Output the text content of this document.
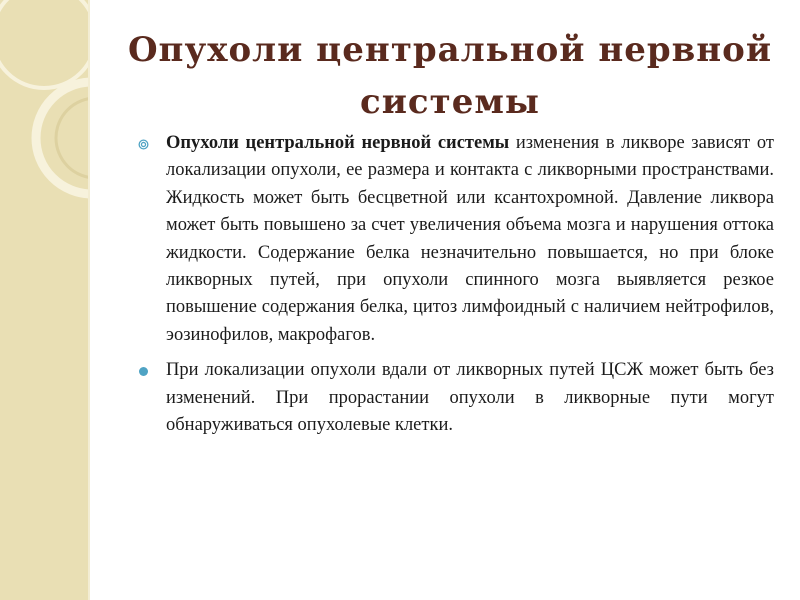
Опухоли центральной нервной системы
Опухоли центральной нервной системы изменения в ликворе зависят от локализации опухоли, ее размера и контакта с ликворными пространствами. Жидкость может быть бесцветной или ксантохромной. Давление ликвора может быть повышено за счет увеличения объема мозга и нарушения оттока жидкости. Содержание белка незначительно повышается, но при блоке ликворных путей, при опухоли спинного мозга выявляется резкое повышение содержания белка, цитоз лимфоидный с наличием нейтрофилов, эозинофилов, макрофагов.
При локализации опухоли вдали от ликворных путей ЦСЖ может быть без изменений. При прорастании опухоли в ликворные пути могут обнаруживаться опухолевые клетки.
